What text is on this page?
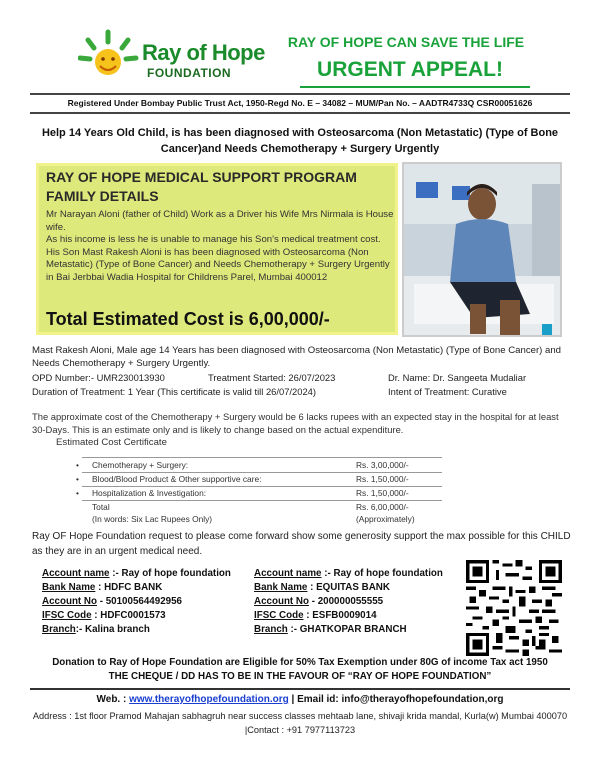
Ray of Hope
FOUNDATION
RAY OF HOPE CAN SAVE THE LIFE
URGENT APPEAL!
Registered Under Bombay Public Trust Act, 1950-Regd No. E – 34082 – MUM/Pan No. – AADTR4733Q CSR00051626
Help 14 Years Old Child, is has been diagnosed with Osteosarcoma (Non Metastatic) (Type of Bone Cancer)and Needs Chemotherapy + Surgery Urgently
RAY OF HOPE MEDICAL SUPPORT PROGRAM
FAMILY DETAILS
Mr Narayan Aloni (father of Child) Work as a Driver his Wife Mrs Nirmala is House wife.
As his income is less he is unable to manage his Son's medical treatment cost. His Son Mast Rakesh Aloni is has been diagnosed with Osteosarcoma (Non Metastatic) (Type of Bone Cancer) and Needs Chemotherapy + Surgery Urgently in Bai Jerbbai Wadia Hospital for Childrens Parel, Mumbai 400012
Total Estimated Cost is 6,00,000/-
Mast Rakesh Aloni, Male age 14 Years has been diagnosed with Osteosarcoma (Non Metastatic) (Type of Bone Cancer) and Needs Chemotherapy + Surgery Urgently.
OPD Number:- UMR230013930	Treatment Started: 26/07/2023	Dr. Name: Dr. Sangeeta Mudaliar
Duration of Treatment: 1 Year (This certificate is valid till 26/07/2024)	Intent of Treatment: Curative
The approximate cost of the Chemotherapy + Surgery would be 6 lacks rupees with an expected stay in the hospital for at least 30-Days. This is an estimate only and is likely to change based on the actual expenditure.
Estimated Cost Certificate
• Chemotherapy + Surgery:	Rs. 3,00,000/-
• Blood/Blood Product & Other supportive care:	Rs. 1,50,000/-
• Hospitalization & Investigation:	Rs. 1,50,000/-
Total	Rs. 6,00,000/-
(In words: Six Lac Rupees Only)	(Approximately)
Ray OF Hope Foundation request to please come forward show some generosity support the max possible for this CHILD as they are in an urgent medical need.
Account name :- Ray of hope foundation
Bank Name : HDFC BANK
Account No - 50100564492956
IFSC Code : HDFC0001573
Branch:- Kalina branch
Account name :- Ray of hope foundation
Bank Name : EQUITAS BANK
Account No - 200000055555
IFSC Code : ESFB0009014
Branch :- GHATKOPAR BRANCH
Donation to Ray of Hope Foundation are Eligible for 50% Tax Exemption under 80G of income Tax act 1950
THE CHEQUE / DD HAS TO BE IN THE FAVOUR OF “RAY OF HOPE FOUNDATION”
Web. : www.therayofhopefoundation.org | Email id: info@therayofhopefoundation,org
Address : 1st floor Pramod Mahajan sabhagruh near success classes mehtaab lane, shivaji krida mandal, Kurla(w) Mumbai 400070 |Contact : +91 7977113723
